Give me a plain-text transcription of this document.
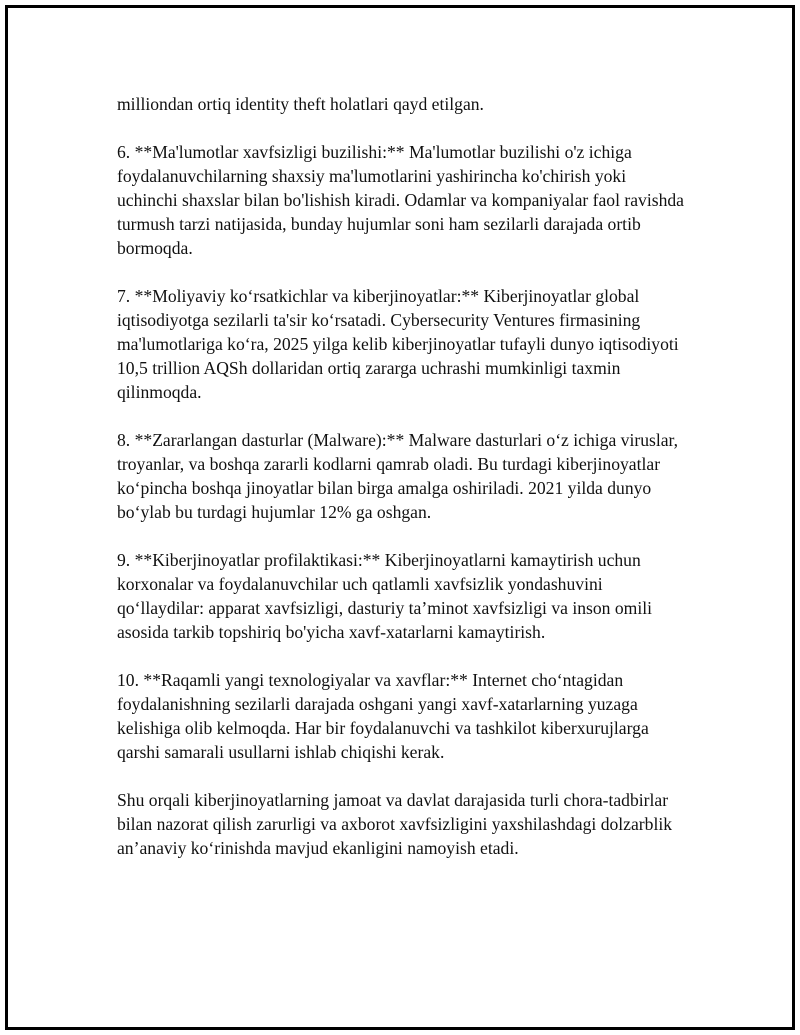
milliondan ortiq identity theft holatlari qayd etilgan.

6. **Ma'lumotlar xavfsizligi buzilishi:** Ma'lumotlar buzilishi o'z ichiga foydalanuvchilarning shaxsiy ma'lumotlarini yashirincha ko'chirish yoki uchinchi shaxslar bilan bo'lishish kiradi. Odamlar va kompaniyalar faol ravishda turmush tarzi natijasida, bunday hujumlar soni ham sezilarli darajada ortib bormoqda.

7. **Moliyaviy koʻrsatkichlar va kiberjinoyatlar:** Kiberjinoyatlar global iqtisodiyotga sezilarli ta'sir koʻrsatadi. Cybersecurity Ventures firmasining ma'lumotlariga koʻra, 2025 yilga kelib kiberjinoyatlar tufayli dunyo iqtisodiyoti 10,5 trillion AQSh dollaridan ortiq zararga uchrashi mumkinligi taxmin qilinmoqda.

8. **Zararlangan dasturlar (Malware):** Malware dasturlari oʻz ichiga viruslar, troyanlar, va boshqa zararli kodlarni qamrab oladi. Bu turdagi kiberjinoyatlar koʻpincha boshqa jinoyatlar bilan birga amalga oshiriladi. 2021 yilda dunyo boʻylab bu turdagi hujumlar 12% ga oshgan.

9. **Kiberjinoyatlar profilaktikasi:** Kiberjinoyatlarni kamaytirish uchun korxonalar va foydalanuvchilar uch qatlamli xavfsizlik yondashuvini qoʻllaydilar: apparat xavfsizligi, dasturiy ta’minot xavfsizligi va inson omili asosida tarkib topshiriq bo'yicha xavf-xatarlarni kamaytirish.

10. **Raqamli yangi texnologiyalar va xavflar:** Internet choʻntagidan foydalanishning sezilarli darajada oshgani yangi xavf-xatarlarning yuzaga kelishiga olib kelmoqda. Har bir foydalanuvchi va tashkilot kiberxurujlarga qarshi samarali usullarni ishlab chiqishi kerak.

Shu orqali kiberjinoyatlarning jamoat va davlat darajasida turli chora-tadbirlar bilan nazorat qilish zarurligi va axborot xavfsizligini yaxshilashdagi dolzarblik an’anaviy koʻrinishda mavjud ekanligini namoyish etadi.
